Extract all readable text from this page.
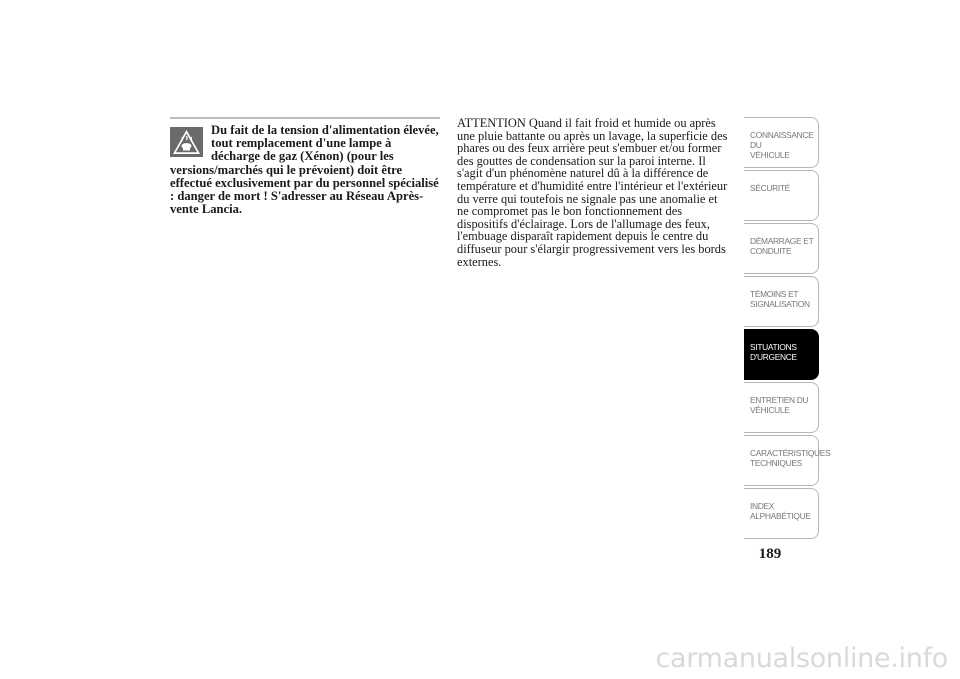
Du fait de la tension d'alimentation élevée, tout remplacement d'une lampe à décharge de gaz (Xénon) (pour les versions/marchés qui le prévoient) doit être effectué exclusivement par du personnel spécialisé : danger de mort ! S'adresser au Réseau Après-vente Lancia.

ATTENTION Quand il fait froid et humide ou après une pluie battante ou après un lavage, la superficie des phares ou des feux arrière peut s'embuer et/ou former des gouttes de condensation sur la paroi interne. Il s'agit d'un phénomène naturel dû à la différence de température et d'humidité entre l'intérieur et l'extérieur du verre qui toutefois ne signale pas une anomalie et ne compromet pas le bon fonctionnement des dispositifs d'éclairage. Lors de l'allumage des feux, l'embuage disparaît rapidement depuis le centre du diffuseur pour s'élargir progressivement vers les bords externes.

CONNAISSANCE DU
VÉHICULE
SÉCURITÉ
DÉMARRAGE ET
CONDUITE
TÉMOINS ET
SIGNALISATION
SITUATIONS
D'URGENCE
ENTRETIEN DU
VÉHICULE
CARACTÉRISTIQUES
TECHNIQUES
INDEX
ALPHABÉTIQUE
189
carmanualsonline.info
